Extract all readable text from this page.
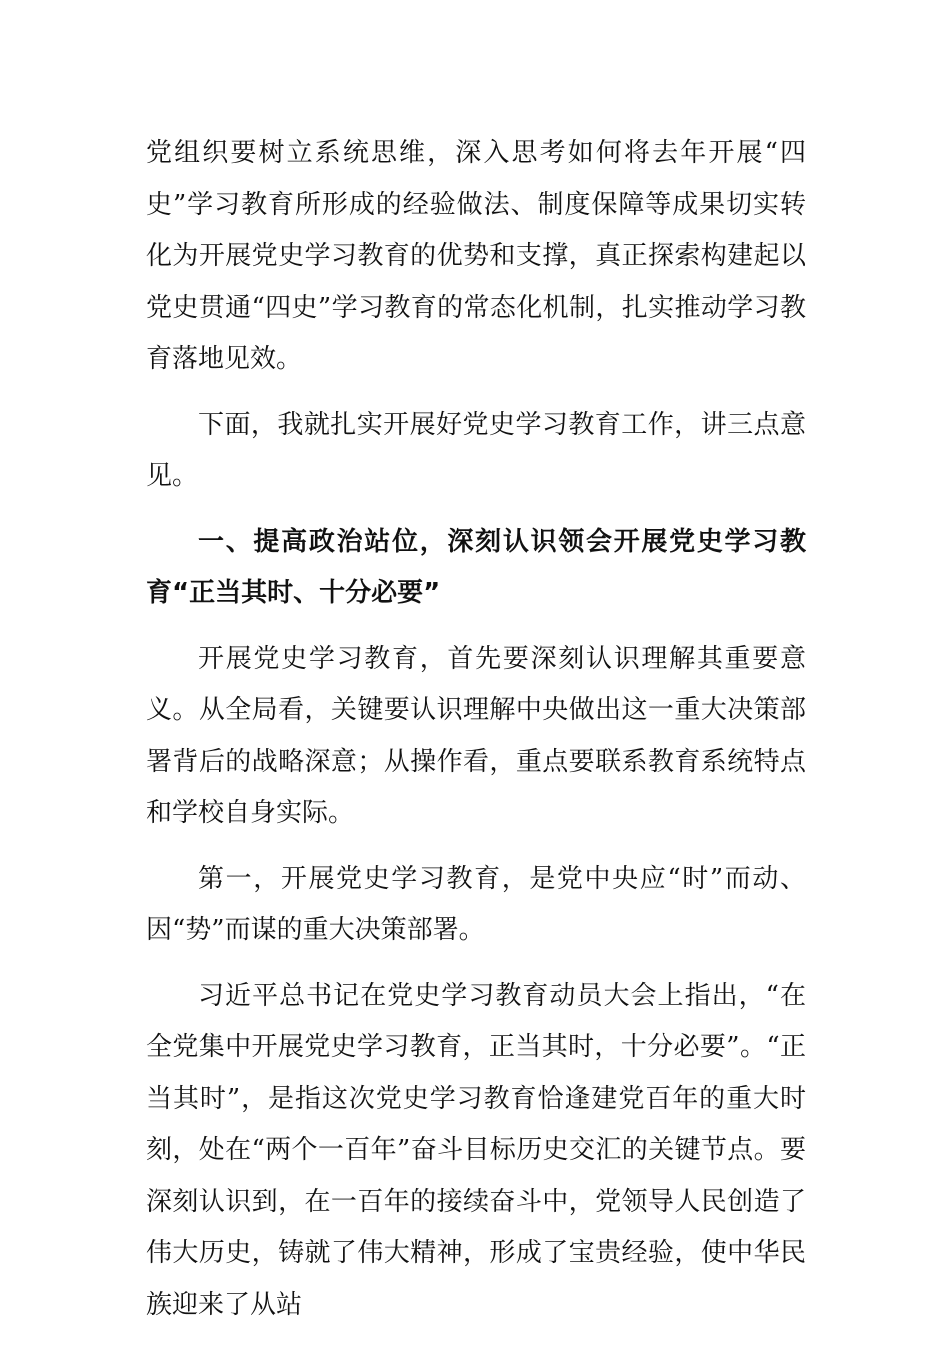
党组织要树立系统思维，深入思考如何将去年开展“四史”学习教育所形成的经验做法、制度保障等成果切实转化为开展党史学习教育的优势和支撑，真正探索构建起以党史贯通“四史”学习教育的常态化机制，扎实推动学习教育落地见效。

下面，我就扎实开展好党史学习教育工作，讲三点意见。

一、提高政治站位，深刻认识领会开展党史学习教育“正当其时、十分必要”

开展党史学习教育，首先要深刻认识理解其重要意义。从全局看，关键要认识理解中央做出这一重大决策部署背后的战略深意；从操作看，重点要联系教育系统特点和学校自身实际。

第一，开展党史学习教育，是党中央应“时”而动、因“势”而谋的重大决策部署。

习近平总书记在党史学习教育动员大会上指出，“在全党集中开展党史学习教育，正当其时，十分必要”。“正当其时”，是指这次党史学习教育恰逢建党百年的重大时刻，处在“两个一百年”奋斗目标历史交汇的关键节点。要深刻认识到，在一百年的接续奋斗中，党领导人民创造了伟大历史，铸就了伟大精神，形成了宝贵经验，使中华民族迎来了从站
